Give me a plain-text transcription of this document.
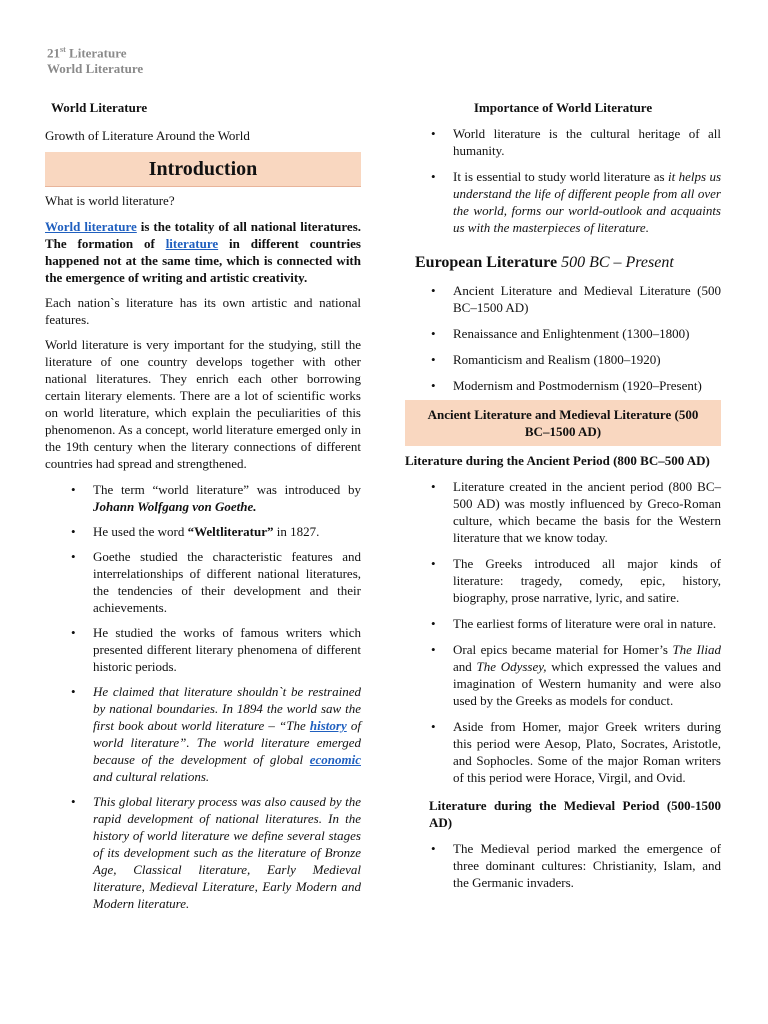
21st Literature
World Literature

World Literature

Growth of Literature Around the World

Introduction

What is world literature?

World literature is the totality of all national literatures. The formation of literature in different countries happened not at the same time, which is connected with the emergence of writing and artistic creativity.

Each nation`s literature has its own artistic and national features.

World literature is very important for the studying, still the literature of one country develops together with other national literatures. They enrich each other borrowing certain literary elements. There are a lot of scientific works on world literature, which explain the peculiarities of this phenomenon. As a concept, world literature emerged only in the 19th century when the literary connections of different countries had spread and strengthened.

• The term “world literature” was introduced by Johann Wolfgang von Goethe.
• He used the word “Weltliteratur” in 1827.
• Goethe studied the characteristic features and interrelationships of different national literatures, the tendencies of their development and their achievements.
• He studied the works of famous writers which presented different literary phenomena of different historic periods.
• He claimed that literature shouldn`t be restrained by national boundaries. In 1894 the world saw the first book about world literature – “The history of world literature”. The world literature emerged because of the development of global economic and cultural relations.
• This global literary process was also caused by the rapid development of national literatures. In the history of world literature we define several stages of its development such as the literature of Bronze Age, Classical literature, Early Medieval literature, Medieval Literature, Early Modern and Modern literature.

Importance of World Literature

• World literature is the cultural heritage of all humanity.
• It is essential to study world literature as it helps us understand the life of different people from all over the world, forms our world-outlook and acquaints us with the masterpieces of literature.

European Literature 500 BC – Present

• Ancient Literature and Medieval Literature (500 BC–1500 AD)
• Renaissance and Enlightenment (1300–1800)
• Romanticism and Realism (1800–1920)
• Modernism and Postmodernism (1920–Present)

Ancient Literature and Medieval Literature (500 BC–1500 AD)

Literature during the Ancient Period (800 BC–500 AD)

• Literature created in the ancient period (800 BC–500 AD) was mostly influenced by Greco-Roman culture, which became the basis for the Western literature that we know today.
• The Greeks introduced all major kinds of literature: tragedy, comedy, epic, history, biography, prose narrative, lyric, and satire.
• The earliest forms of literature were oral in nature.
• Oral epics became material for Homer’s The Iliad and The Odyssey, which expressed the values and imagination of Western humanity and were also used by the Greeks as models for conduct.
• Aside from Homer, major Greek writers during this period were Aesop, Plato, Socrates, Aristotle, and Sophocles. Some of the major Roman writers of this period were Horace, Virgil, and Ovid.

Literature during the Medieval Period (500-1500 AD)

• The Medieval period marked the emergence of three dominant cultures: Christianity, Islam, and the Germanic invaders.
